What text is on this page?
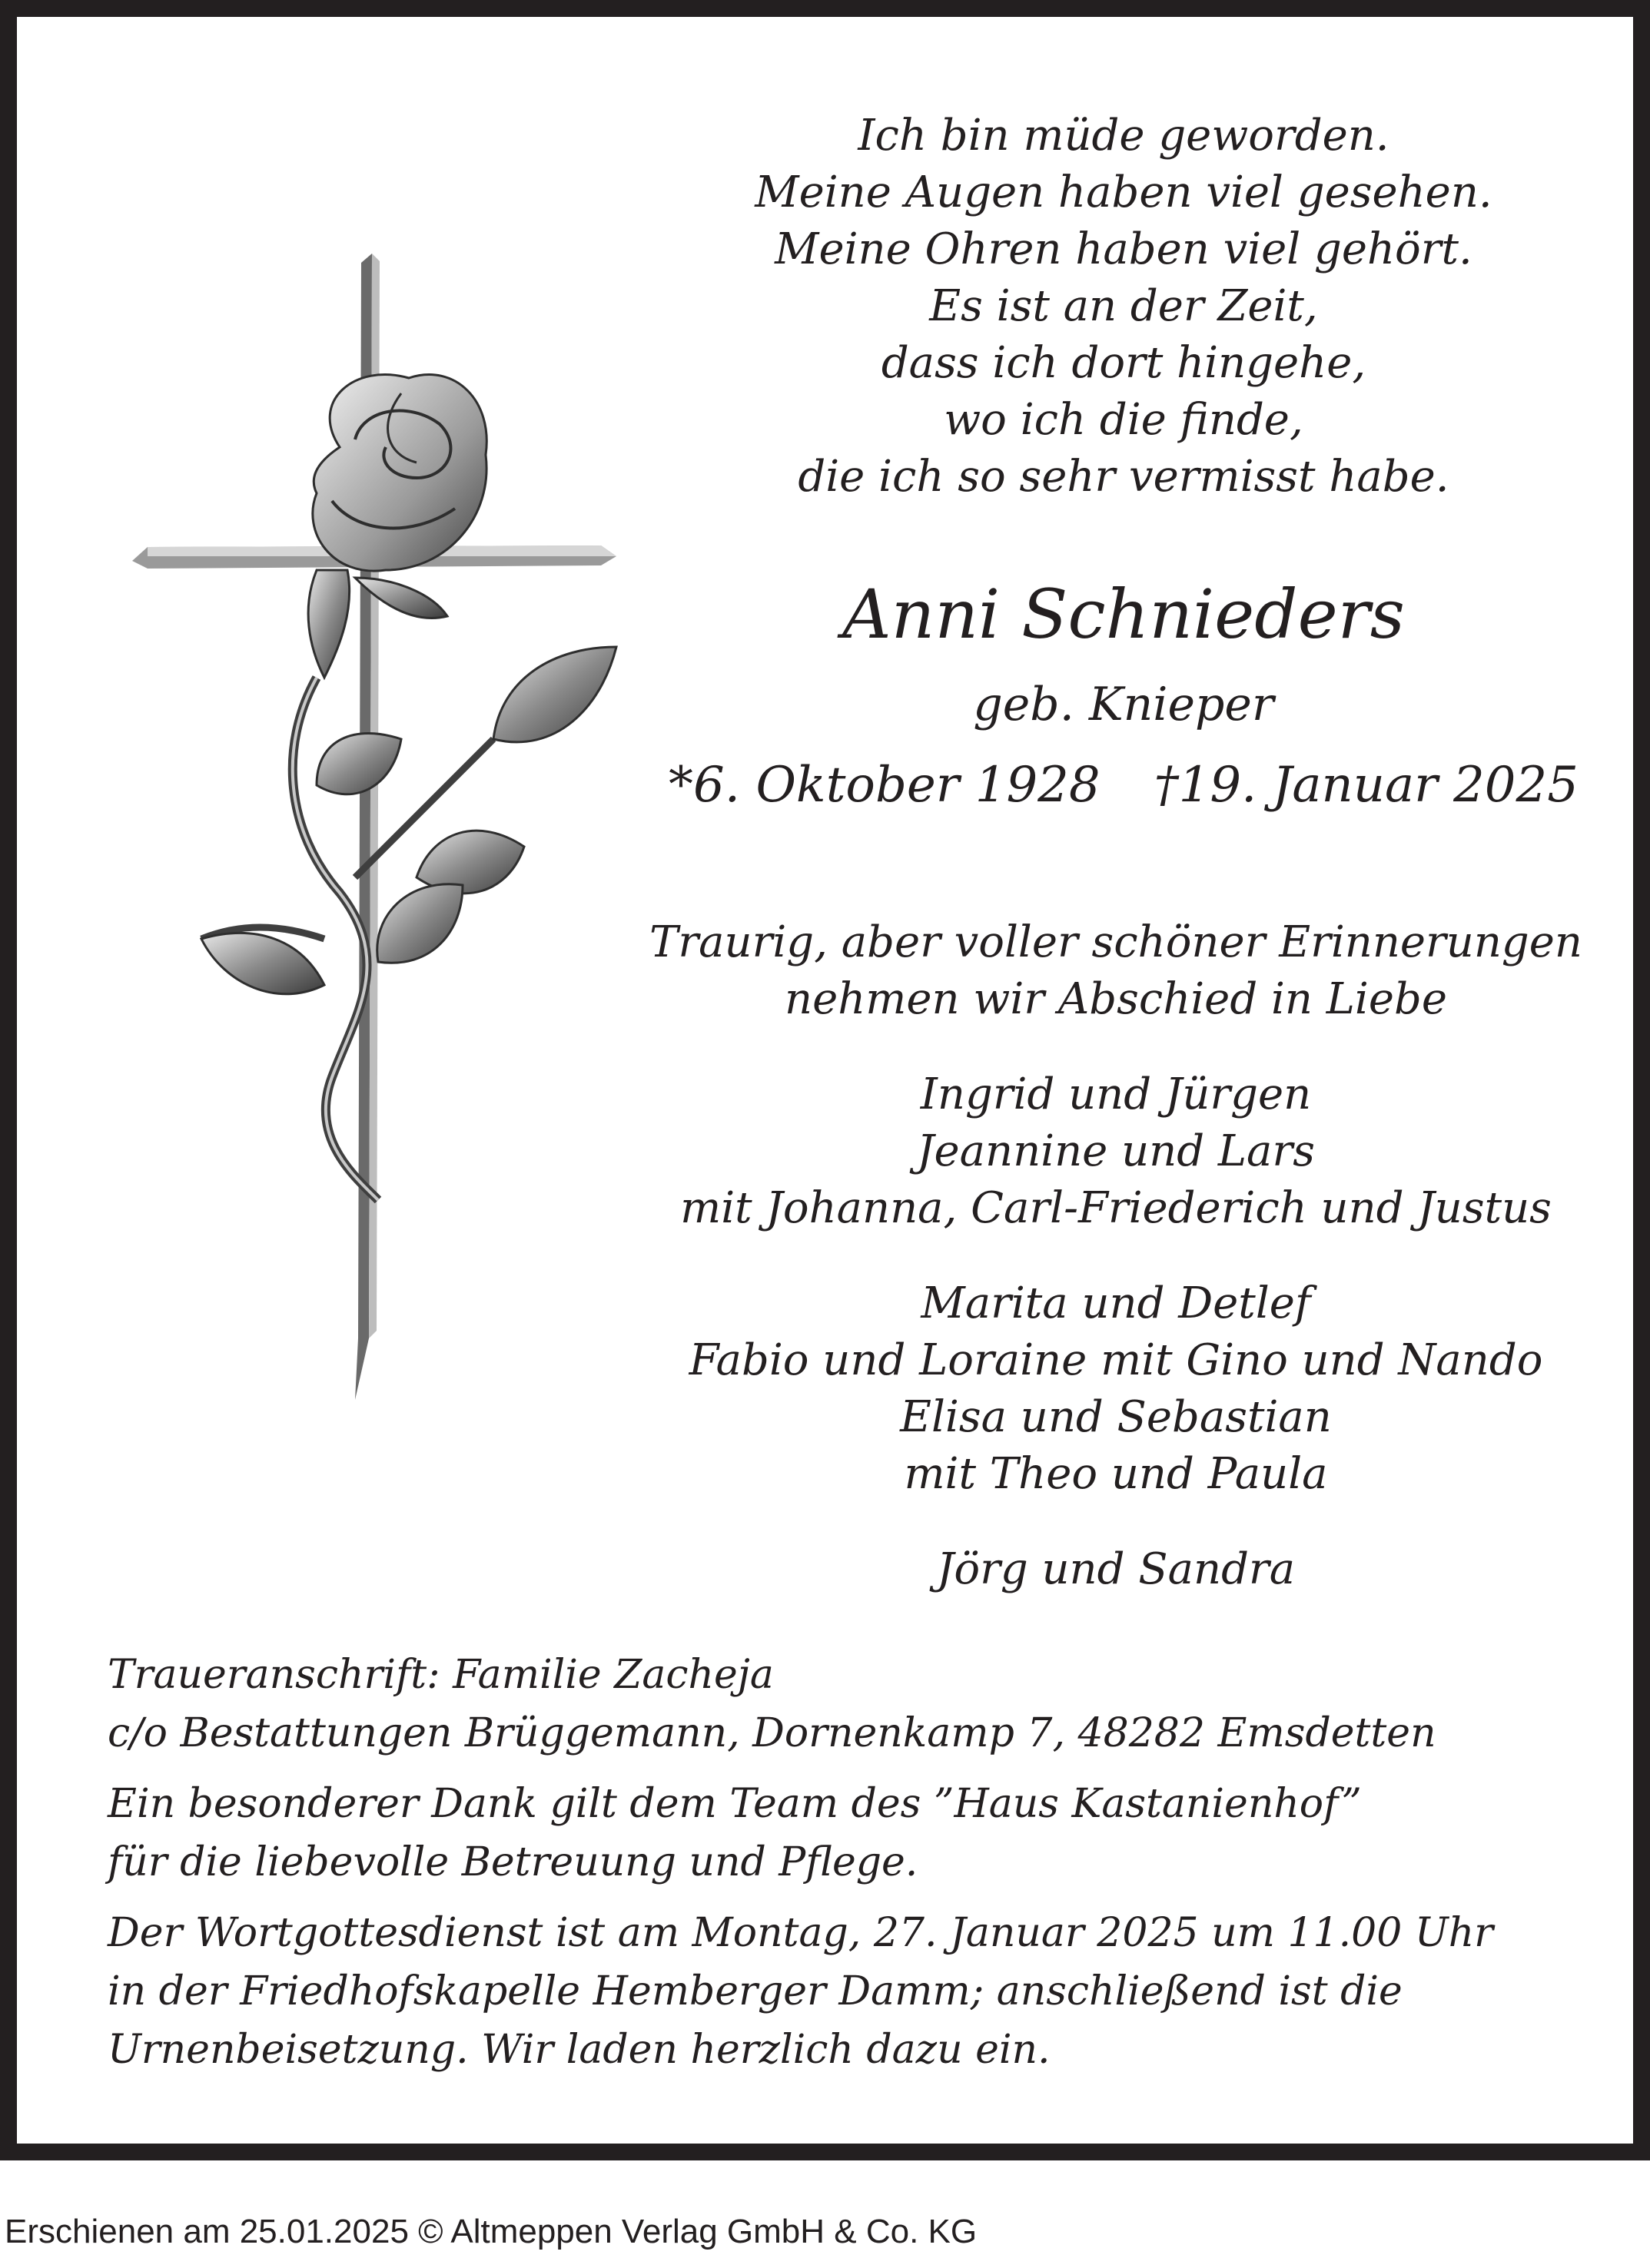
Ich bin müde geworden.
Meine Augen haben viel gesehen.
Meine Ohren haben viel gehört.
Es ist an der Zeit,
dass ich dort hingehe,
wo ich die finde,
die ich so sehr vermisst habe.
Anni Schnieders
geb. Knieper
*6. Oktober 1928 †19. Januar 2025
Traurig, aber voller schöner Erinnerungen
nehmen wir Abschied in Liebe
Ingrid und Jürgen
Jeannine und Lars
mit Johanna, Carl-Friederich und Justus
Marita und Detlef
Fabio und Loraine mit Gino und Nando
Elisa und Sebastian
mit Theo und Paula
Jörg und Sandra
Traueranschrift: Familie Zacheja
c/o Bestattungen Brüggemann, Dornenkamp 7, 48282 Emsdetten
Ein besonderer Dank gilt dem Team des ”Haus Kastanienhof”
für die liebevolle Betreuung und Pflege.
Der Wortgottesdienst ist am Montag, 27. Januar 2025 um 11.00 Uhr
in der Friedhofskapelle Hemberger Damm; anschließend ist die
Urnenbeisetzung. Wir laden herzlich dazu ein.
Erschienen am 25.01.2025 © Altmeppen Verlag GmbH & Co. KG
